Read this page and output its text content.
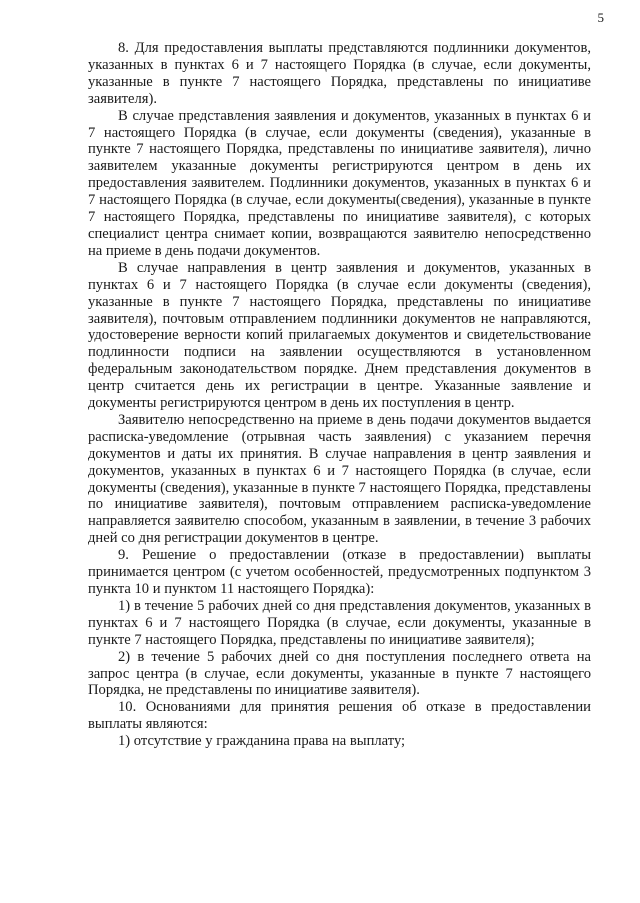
5

8. Для предоставления выплаты представляются подлинники документов, указанных в пунктах 6 и 7 настоящего Порядка (в случае, если документы, указанные в пункте 7 настоящего Порядка, представлены по инициативе заявителя).

В случае представления заявления и документов, указанных в пунктах 6 и 7 настоящего Порядка (в случае, если документы (сведения), указанные в пункте 7 настоящего Порядка, представлены по инициативе заявителя), лично заявителем указанные документы регистрируются центром в день их предоставления заявителем. Подлинники документов, указанных в пунктах 6 и 7 настоящего Порядка (в случае, если документы(сведения), указанные в пункте 7 настоящего Порядка, представлены по инициативе заявителя), с которых специалист центра снимает копии, возвращаются заявителю непосредственно на приеме в день подачи документов.

В случае направления в центр заявления и документов, указанных в пунктах 6 и 7 настоящего Порядка (в случае если документы (сведения), указанные в пункте 7 настоящего Порядка, представлены по инициативе заявителя), почтовым отправлением подлинники документов не направляются, удостоверение верности копий прилагаемых документов и свидетельствование подлинности подписи на заявлении осуществляются в установленном федеральным законодательством порядке. Днем представления документов в центр считается день их регистрации в центре. Указанные заявление и документы регистрируются центром в день их поступления в центр.

Заявителю непосредственно на приеме в день подачи документов выдается расписка-уведомление (отрывная часть заявления) с указанием перечня документов и даты их принятия. В случае направления в центр заявления и документов, указанных в пунктах 6 и 7 настоящего Порядка (в случае, если документы (сведения), указанные в пункте 7 настоящего Порядка, представлены по инициативе заявителя), почтовым отправлением расписка-уведомление направляется заявителю способом, указанным в заявлении, в течение 3 рабочих дней со дня регистрации документов в центре.

9. Решение о предоставлении (отказе в предоставлении) выплаты принимается центром (с учетом особенностей, предусмотренных подпунктом 3 пункта 10 и пунктом 11 настоящего Порядка):

1) в течение 5 рабочих дней со дня представления документов, указанных в пунктах 6 и 7 настоящего Порядка (в случае, если документы, указанные в пункте 7 настоящего Порядка, представлены по инициативе заявителя);

2) в течение 5 рабочих дней со дня поступления последнего ответа на запрос центра (в случае, если документы, указанные в пункте 7 настоящего Порядка, не представлены по инициативе заявителя).

10. Основаниями для принятия решения об отказе в предоставлении выплаты являются:

1) отсутствие у гражданина права на выплату;
